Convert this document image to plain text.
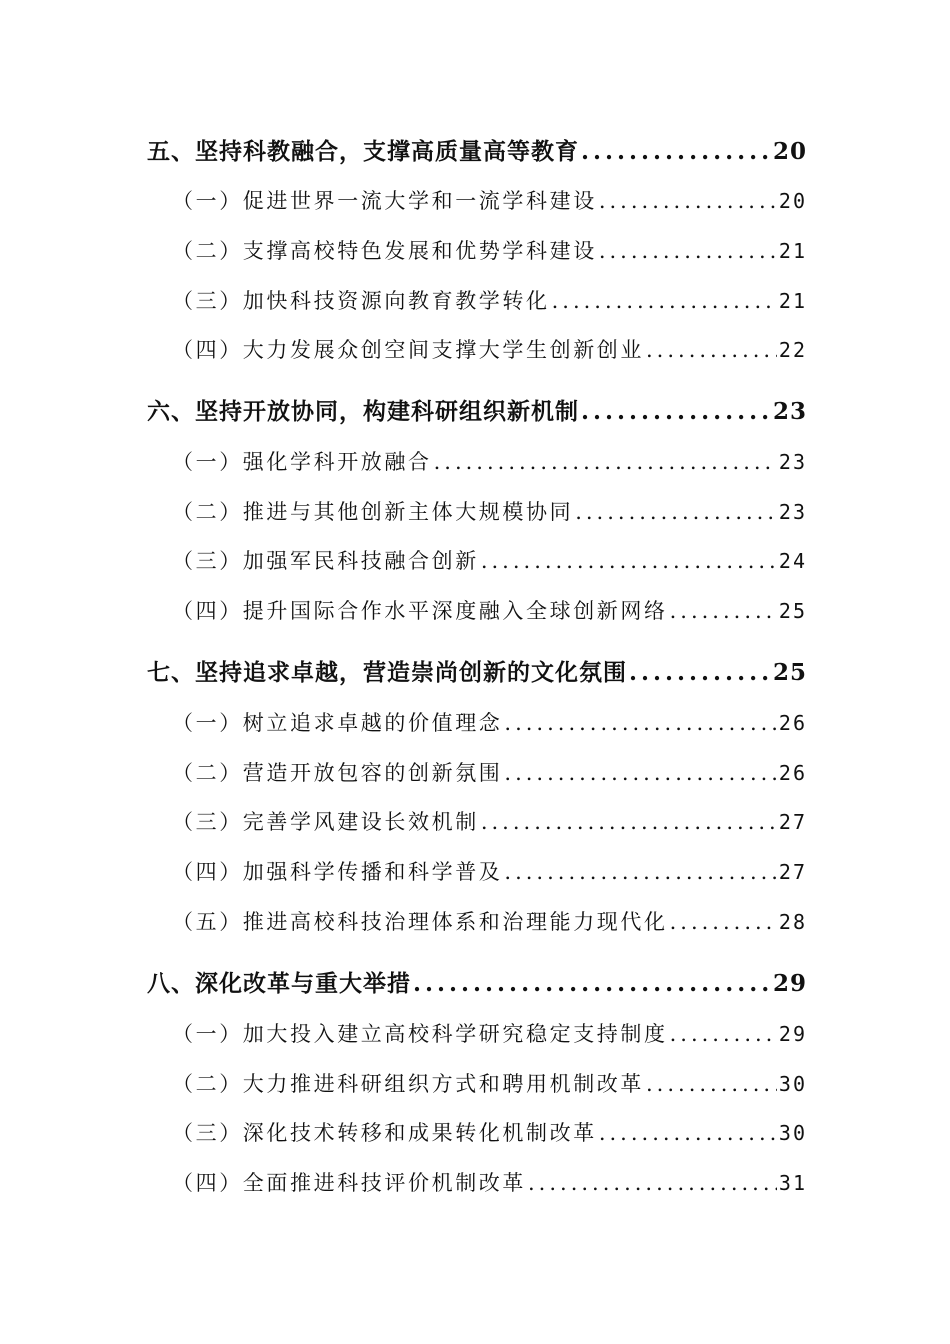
五、坚持科教融合，支撑高质量高等教育 .....	20
（一）促进世界一流大学和一流学科建设 .....	20
（二）支撑高校特色发展和优势学科建设 .....	21
（三）加快科技资源向教育教学转化 .....	21
（四）大力发展众创空间支撑大学生创新创业 .....	22
六、坚持开放协同，构建科研组织新机制 .....	23
（一）强化学科开放融合 .....	23
（二）推进与其他创新主体大规模协同 .....	23
（三）加强军民科技融合创新 .....	24
（四）提升国际合作水平深度融入全球创新网络 .....	25
七、坚持追求卓越，营造崇尚创新的文化氛围 .....	25
（一）树立追求卓越的价值理念 .....	26
（二）营造开放包容的创新氛围 .....	26
（三）完善学风建设长效机制 .....	27
（四）加强科学传播和科学普及 .....	27
（五）推进高校科技治理体系和治理能力现代化 .....	28
八、深化改革与重大举措 .....	29
（一）加大投入建立高校科学研究稳定支持制度 .....	29
（二）大力推进科研组织方式和聘用机制改革 .....	30
（三）深化技术转移和成果转化机制改革 .....	30
（四）全面推进科技评价机制改革 .....	31
